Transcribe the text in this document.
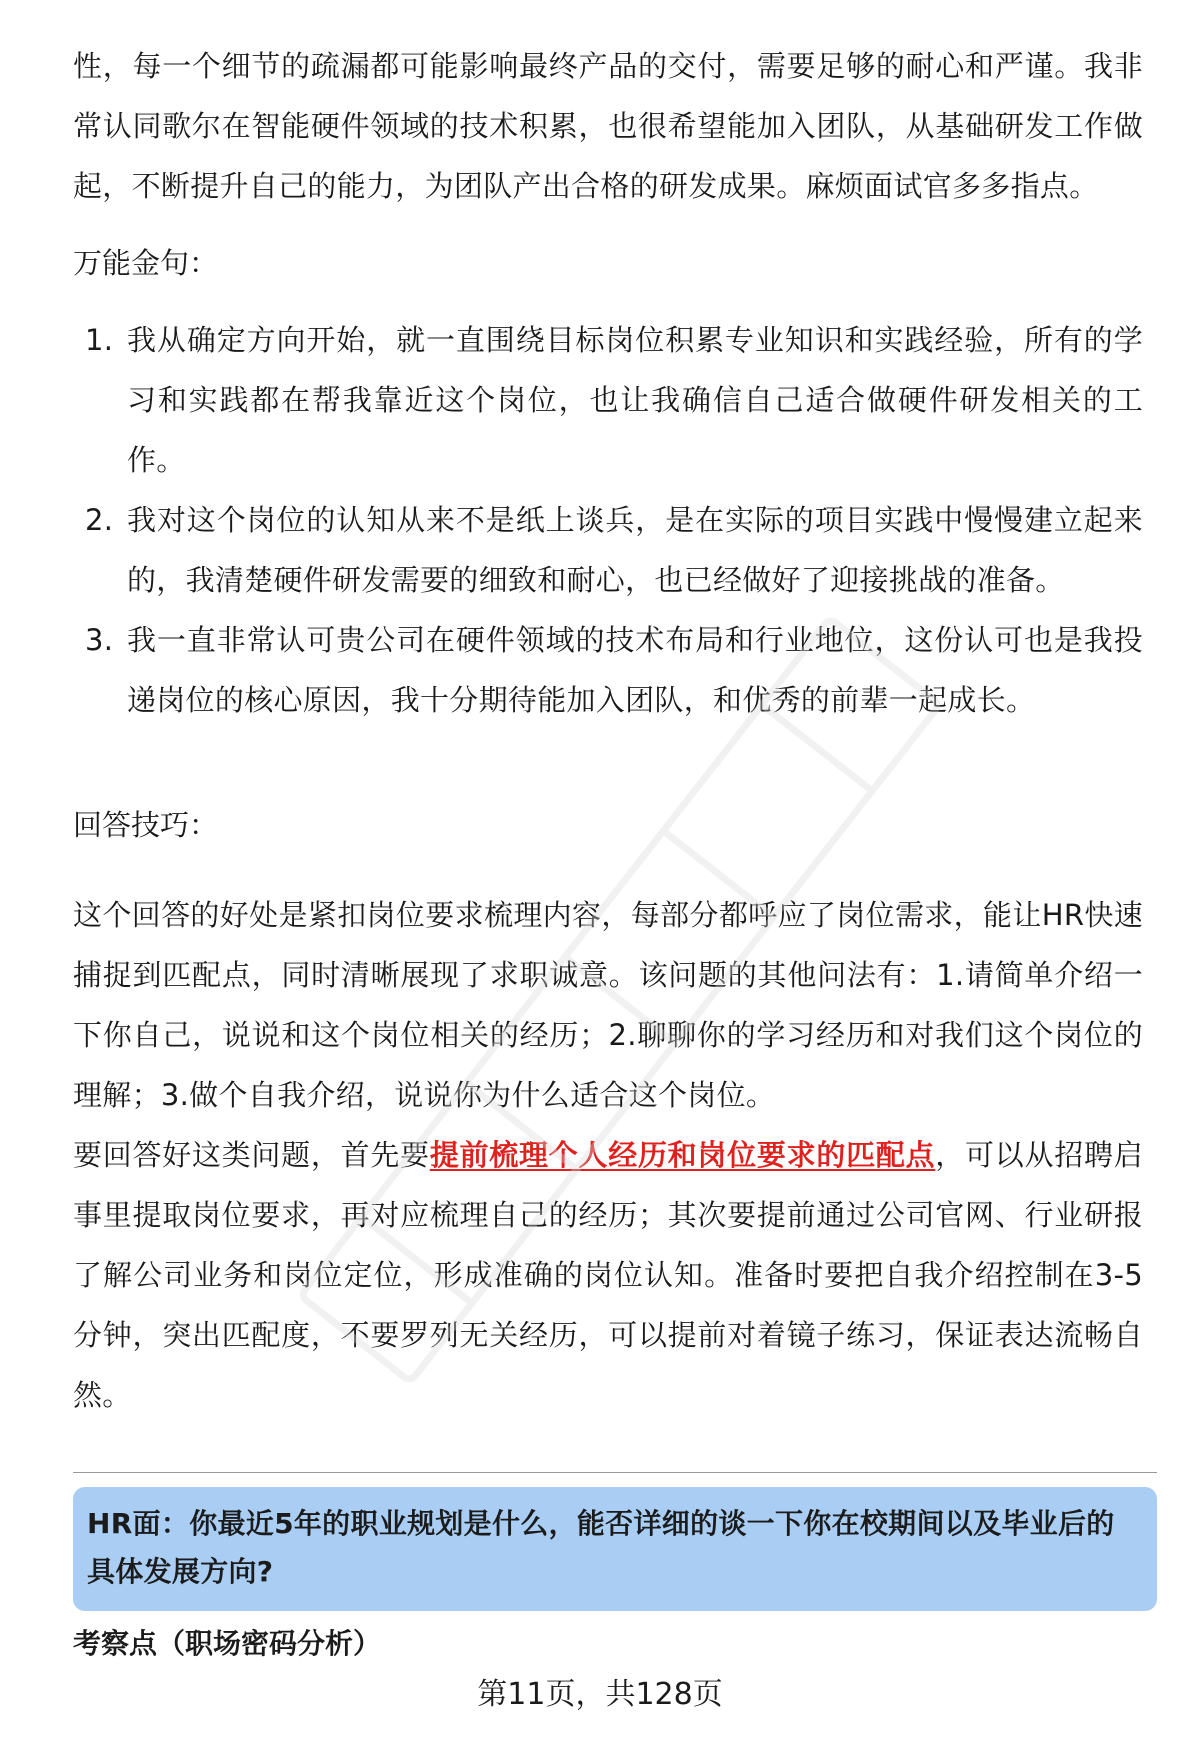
性，每一个细节的疏漏都可能影响最终产品的交付，需要足够的耐心和严谨。我非常认同歌尔在智能硬件领域的技术积累，也很希望能加入团队，从基础研发工作做起，不断提升自己的能力，为团队产出合格的研发成果。麻烦面试官多多指点。

万能金句：
1. 我从确定方向开始，就一直围绕目标岗位积累专业知识和实践经验，所有的学习和实践都在帮我靠近这个岗位，也让我确信自己适合做硬件研发相关的工作。
2. 我对这个岗位的认知从来不是纸上谈兵，是在实际的项目实践中慢慢建立起来的，我清楚硬件研发需要的细致和耐心，也已经做好了迎接挑战的准备。
3. 我一直非常认可贵公司在硬件领域的技术布局和行业地位，这份认可也是我投递岗位的核心原因，我十分期待能加入团队，和优秀的前辈一起成长。
回答技巧：

这个回答的好处是紧扣岗位要求梳理内容，每部分都呼应了岗位需求，能让HR快速捕捉到匹配点，同时清晰展现了求职诚意。该问题的其他问法有：1.请简单介绍一下你自己，说说和这个岗位相关的经历；2.聊聊你的学习经历和对我们这个岗位的理解；3.做个自我介绍，说说你为什么适合这个岗位。

要回答好这类问题，首先要提前梳理个人经历和岗位要求的匹配点，可以从招聘启事里提取岗位要求，再对应梳理自己的经历；其次要提前通过公司官网、行业研报了解公司业务和岗位定位，形成准确的岗位认知。准备时要把自我介绍控制在3-5分钟，突出匹配度，不要罗列无关经历，可以提前对着镜子练习，保证表达流畅自然。

HR面：你最近5年的职业规划是什么，能否详细的谈一下你在校期间以及毕业后的具体发展方向?
考察点（职场密码分析）
第11页，共128页
